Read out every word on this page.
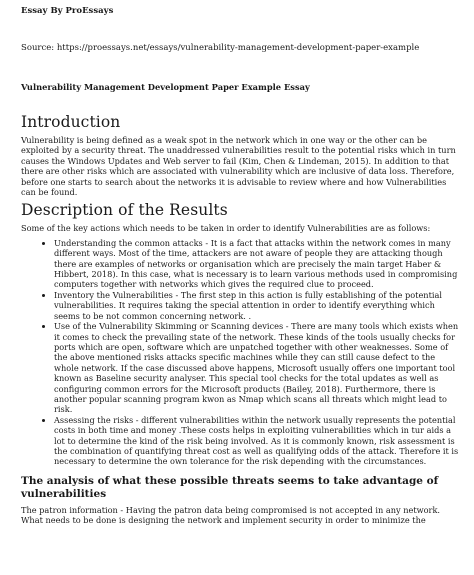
Essay By ProEssays
Source: https://proessays.net/essays/vulnerability-management-development-paper-example
Vulnerability Management Development Paper Example Essay
Introduction

Vulnerability is being defined as a weak spot in the network which in one way or the other can be exploited by a security threat. The unaddressed vulnerabilities result to the potential risks which in turn causes the Windows Updates and Web server to fail (Kim, Chen & Lindeman, 2015). In addition to that there are other risks which are associated with vulnerability which are inclusive of data loss. Therefore, before one starts to search about the networks it is advisable to review where and how Vulnerabilities can be found.

Description of the Results

Some of the key actions which needs to be taken in order to identify Vulnerabilities are as follows:

• Understanding the common attacks - It is a fact that attacks within the network comes in many different ways. Most of the time, attackers are not aware of people they are attacking though there are examples of networks or organisation which are precisely the main target Haber & Hibbert, 2018). In this case, what is necessary is to learn various methods used in compromising computers together with networks which gives the required clue to proceed.
• Inventory the Vulnerabilities - The first step in this action is fully establishing of the potential vulnerabilities. It requires taking the special attention in order to identify everything which seems to be not common concerning network. .
• Use of the Vulnerability Skimming or Scanning devices - There are many tools which exists when it comes to check the prevailing state of the network. These kinds of the tools usually checks for ports which are open, software which are unpatched together with other weaknesses. Some of the above mentioned risks attacks specific machines while they can still cause defect to the whole network. If the case discussed above happens, Microsoft usually offers one important tool known as Baseline security analyser. This special tool checks for the total updates as well as configuring common errors for the Microsoft products (Bailey, 2018). Furthermore, there is another popular scanning program kwon as Nmap which scans all threats which might lead to risk.
• Assessing the risks - different vulnerabilities within the network usually represents the potential costs in both time and money .These costs helps in exploiting vulnerabilities which in tur aids a lot to determine the kind of the risk being involved. As it is commonly known, risk assessment is the combination of quantifying threat cost as well as qualifying odds of the attack. Therefore it is necessary to determine the own tolerance for the risk depending with the circumstances.
The analysis of what these possible threats seems to take advantage of vulnerabilities

The patron information - Having the patron data being compromised is not accepted in any network. What needs to be done is designing the network and implement security in order to minimize the
